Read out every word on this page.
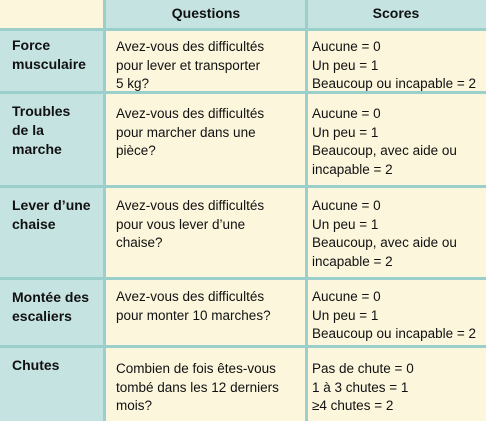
Questions	Scores
Force
musculaire
Troubles
de la
marche
Lever d’une
chaise
Montée des
escaliers
Chutes
Avez-vous des difficultés
pour lever et transporter
5 kg?
Aucune = 0
Un peu = 1
Beaucoup ou incapable = 2
Avez-vous des difficultés
pour marcher dans une
pièce?
Aucune = 0
Un peu = 1
Beaucoup, avec aide ou
incapable = 2
Avez-vous des difficultés
pour vous lever d’une
chaise?
Aucune = 0
Un peu = 1
Beaucoup, avec aide ou
incapable = 2
Avez-vous des difficultés
pour monter 10 marches?
Aucune = 0
Un peu = 1
Beaucoup ou incapable = 2
Combien de fois êtes-vous
tombé dans les 12 derniers
mois?
Pas de chute = 0
1 à 3 chutes = 1
≥4 chutes = 2
